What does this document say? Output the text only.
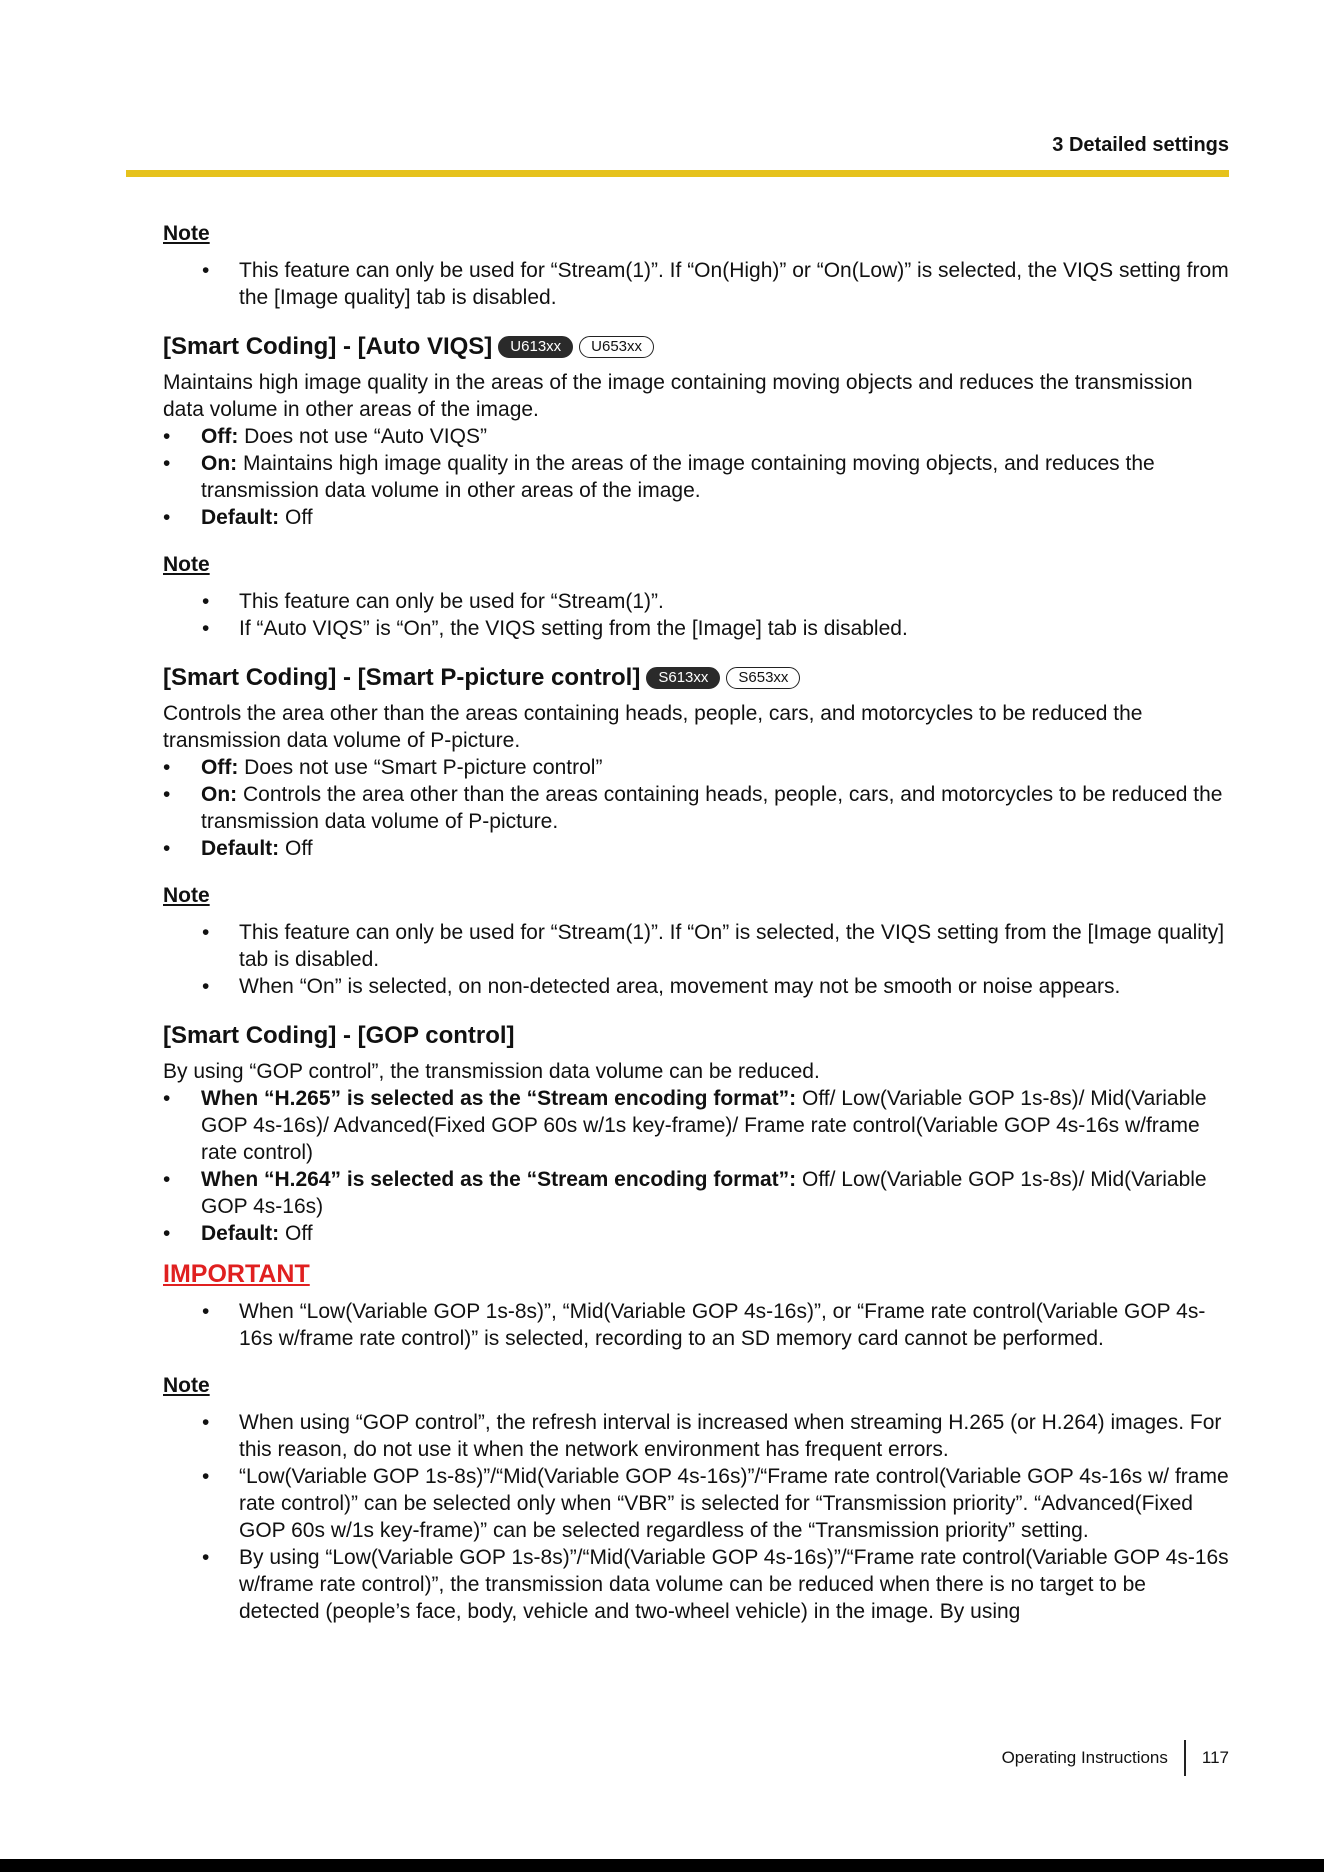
3 Detailed settings
Note
• This feature can only be used for “Stream(1)”. If “On(High)” or “On(Low)” is selected, the VIQS setting from the [Image quality] tab is disabled.
[Smart Coding] - [Auto VIQS] U613xx U653xx

Maintains high image quality in the areas of the image containing moving objects and reduces the transmission data volume in other areas of the image.

• Off: Does not use “Auto VIQS”
• On: Maintains high image quality in the areas of the image containing moving objects, and reduces the transmission data volume in other areas of the image.
• Default: Off
Note
• This feature can only be used for “Stream(1)”.
• If “Auto VIQS” is “On”, the VIQS setting from the [Image] tab is disabled.
[Smart Coding] - [Smart P-picture control] S613xx S653xx

Controls the area other than the areas containing heads, people, cars, and motorcycles to be reduced the transmission data volume of P-picture.

• Off: Does not use “Smart P-picture control”
• On: Controls the area other than the areas containing heads, people, cars, and motorcycles to be reduced the transmission data volume of P-picture.
• Default: Off
Note
• This feature can only be used for “Stream(1)”. If “On” is selected, the VIQS setting from the [Image quality] tab is disabled.
• When “On” is selected, on non-detected area, movement may not be smooth or noise appears.
[Smart Coding] - [GOP control]

By using “GOP control”, the transmission data volume can be reduced.

• When “H.265” is selected as the “Stream encoding format”: Off/ Low(Variable GOP 1s-8s)/ Mid(Variable GOP 4s-16s)/ Advanced(Fixed GOP 60s w/1s key-frame)/ Frame rate control(Variable GOP 4s-16s w/frame rate control)
• When “H.264” is selected as the “Stream encoding format”: Off/ Low(Variable GOP 1s-8s)/ Mid(Variable GOP 4s-16s)
• Default: Off
IMPORTANT
• When “Low(Variable GOP 1s-8s)”, “Mid(Variable GOP 4s-16s)”, or “Frame rate control(Variable GOP 4s-16s w/frame rate control)” is selected, recording to an SD memory card cannot be performed.
Note
• When using “GOP control”, the refresh interval is increased when streaming H.265 (or H.264) images. For this reason, do not use it when the network environment has frequent errors.
• “Low(Variable GOP 1s-8s)”/“Mid(Variable GOP 4s-16s)”/“Frame rate control(Variable GOP 4s-16s w/ frame rate control)” can be selected only when “VBR” is selected for “Transmission priority”. “Advanced(Fixed GOP 60s w/1s key-frame)” can be selected regardless of the “Transmission priority” setting.
• By using “Low(Variable GOP 1s-8s)”/“Mid(Variable GOP 4s-16s)”/“Frame rate control(Variable GOP 4s-16s w/frame rate control)”, the transmission data volume can be reduced when there is no target to be detected (people’s face, body, vehicle and two-wheel vehicle) in the image. By using
Operating Instructions 117
